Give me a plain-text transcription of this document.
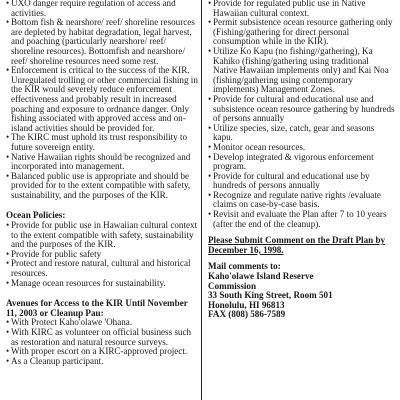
• UXO danger require regulation of access and activities.
• Bottom fish & nearshore/ reef/ shoreline resources are depleted by habitat degradation, legal harvest, and poaching (particularly nearshore/ reef/ shoreline resources). Bottomfish and nearshore/ reef/ shoreline resources need some rest.
• Enforcement is critical to the success of the KIR. Unregulated trolling or other commercial fishing in the KIR would severely reduce enforcement effectiveness and probably result in increased poaching and exposure to ordnance danger. Only fishing associated with approved access and on-island activities should be provided for.
• The KIRC must uphold its trust responsibility to future sovereign entity.
• Native Hawaiian rights should be recognized and incorporated into management.
• Balanced public use is appropriate and should be provided for to the extent compatible with safety, sustainability, and the purposes of the KIR.

Ocean Policies:

• Provide for public use in Hawaiian cultural context to the extent compatible with safety, sustainability and the purposes of the KIR.
• Provide for public safety
• Protect and restore natural, cultural and historical resources.
• Manage ocean resources for sustainability.

Avenues for Access to the KIR Until November 11, 2003 or Cleanup Pau:

• With Protect Kaho'olawe 'Ohana.
• With KIRC as volunteer on official business such as restoration and natural resource surveys.
• With proper escort on a KIRC-approved project.
• As a Cleanup participant.
• Provide for regulated public use in Native Hawaiian cultural context.
• Permit subsistence ocean resource gathering only (Fishing/gathering for direct personal consumption while in the KIR).
• Utilize Ko Kapu (no fishing//gathering), Ka Kahiko (fishing/gathering using traditional Native Hawaiian implements only) and Kai Noa (fishing/gathering using contemporary implements) Management Zones.
• Provide for cultural and educational use and subsistence ocean resource gathering by hundreds of persons annually
• Utilize species, size, catch, gear and seasons kapu.
• Monitor ocean resources.
• Develop integrated & vigorous enforcement program.
• Provide for cultural and educational use by hundreds of persons annually
• Recognize and regulate native rights /evaluate claims on case-by-case basis.
• Revisit and evaluate the Plan after 7 to 10 years (after the end of the cleanup).

Please Submit Comment on the Draft Plan by December 16, 1998.

Mail comments to:

Kaho'olawe Island Reserve

Commission

33 South King Street, Room 501

Honolulu, HI 96813

FAX (808) 586-7589
